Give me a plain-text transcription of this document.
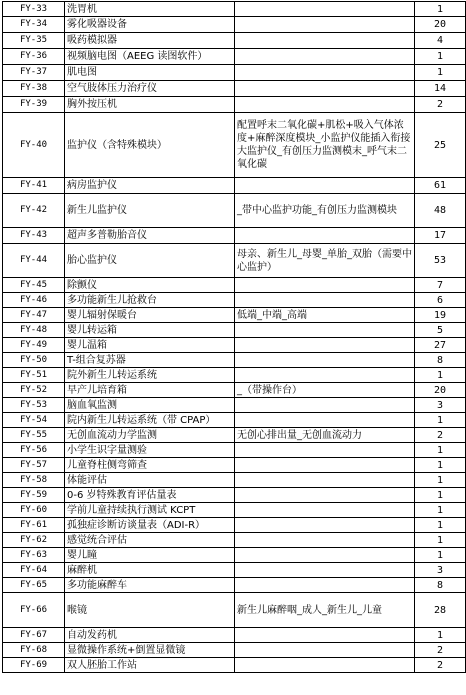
FY-33	洗胃机		1
FY-34	雾化吸器设备		20
FY-35	吸药模拟器		4
FY-36	视频脑电图（AEEG 读图软件）		1
FY-37	肌电图		1
FY-38	空气肢体压力治疗仪		14
FY-39	胸外按压机		2
FY-40	监护仪（含特殊模块）	配置呼末二氧化碳+肌松+吸入气体浓度+麻醉深度模块_小监护仪能插入衔接大监护仪_有创压力监测模末_呼气末二氧化碳	25
FY-41	病房监护仪		61
FY-42	新生儿监护仪	_带中心监护功能_有创压力监测模块	48
FY-43	超声多普勒胎音仪		17
FY-44	胎心监护仪	母亲、新生儿_母婴_单胎_双胎（需要中心监护）	53
FY-45	除颤仪		7
FY-46	多功能新生儿抢救台		6
FY-47	婴儿辐射保暖台	低端_中端_高端	19
FY-48	婴儿转运箱		5
FY-49	婴儿温箱		27
FY-50	T-组合复苏器		8
FY-51	院外新生儿转运系统		1
FY-52	早产儿培育箱	_（带操作台）	20
FY-53	脑血氧监测		3
FY-54	院内新生儿转运系统（带 CPAP）		1
FY-55	无创血流动力学监测	无创心排出量_无创血流动力	2
FY-56	小学生识字量测验		1
FY-57	儿童脊柱侧弯筛查		1
FY-58	体能评估		1
FY-59	0-6 岁特殊教育评估量表		1
FY-60	学前儿童持续执行测试 KCPT		1
FY-61	孤独症诊断访谈量表（ADI-R）		1
FY-62	感觉统合评估		1
FY-63	婴儿瞳		1
FY-64	麻醉机		3
FY-65	多功能麻醉车		8
FY-66	喉镜	新生儿麻醉咽_成人_新生儿_儿童	28
FY-67	自动发药机		1
FY-68	显微操作系统+倒置显微镜		2
FY-69	双人胚胎工作站		2
